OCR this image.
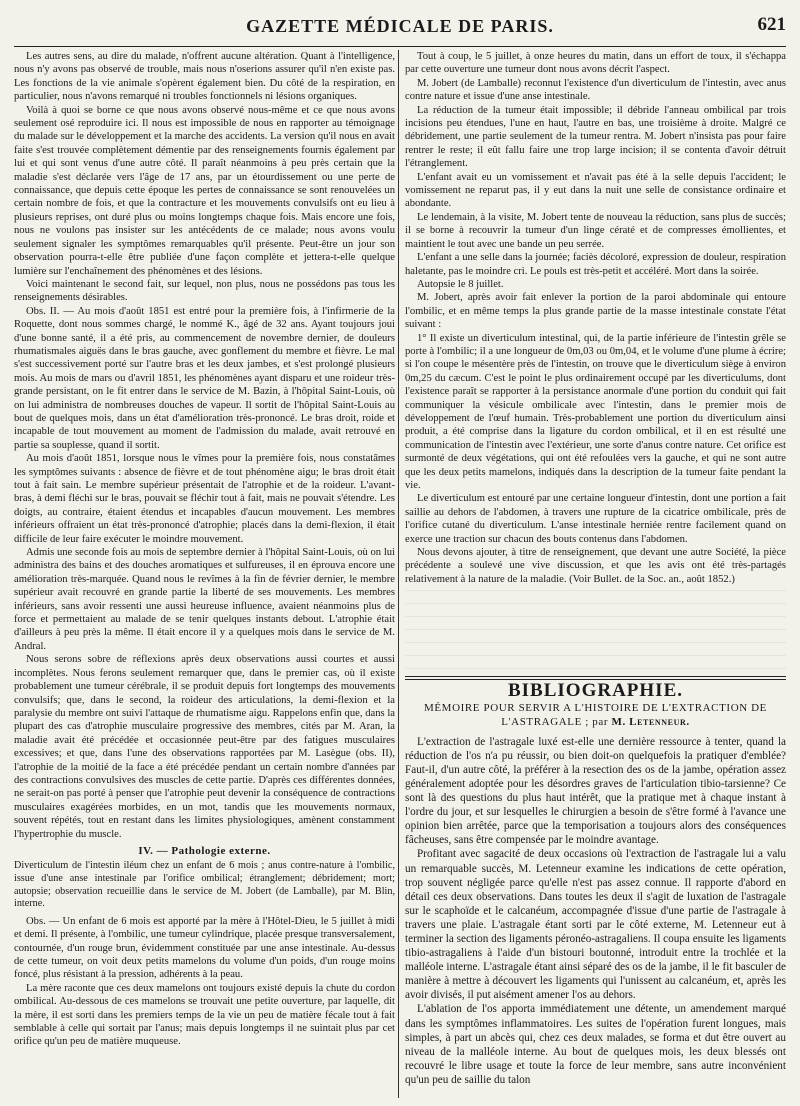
GAZETTE MÉDICALE DE PARIS.	621

Les autres sens, au dire du malade, n'offrent aucune altération. Quant à l'intelligence, nous n'y avons pas observé de trouble, mais nous n'oserions assurer qu'il n'en existe pas. Les fonctions de la vie animale s'opèrent également bien. Du côté de la respiration, en particulier, nous n'avons remarqué ni troubles fonctionnels ni lésions organiques.

Voilà à quoi se borne ce que nous avons observé nous-même et ce que nous avons seulement osé reproduire ici. Il nous est impossible de nous en rapporter au témoignage du malade sur le développement et la marche des accidents. La version qu'il nous en avait faite s'est trouvée complètement démentie par des renseignements fournis également par lui et qui sont venus d'une autre côté. Il paraît néanmoins à peu près certain que la maladie s'est déclarée vers l'âge de 17 ans, par un étourdissement ou une perte de connaissance, que depuis cette époque les pertes de connaissance se sont renouvelées un certain nombre de fois, et que la contracture et les mouvements convulsifs ont eu lieu à plusieurs reprises, ont duré plus ou moins longtemps chaque fois. Mais encore une fois, nous ne voulons pas insister sur les antécédents de ce malade; nous avons voulu seulement signaler les symptômes remarquables qu'il présente. Peut-être un jour son observation pourra-t-elle être publiée d'une façon complète et jettera-t-elle quelque lumière sur l'enchaînement des phénomènes et des lésions.

Voici maintenant le second fait, sur lequel, non plus, nous ne possédons pas tous les renseignements désirables.

Obs. II. — Au mois d'août 1851 est entré pour la première fois, à l'infirmerie de la Roquette, dont nous sommes chargé, le nommé K., âgé de 32 ans. Ayant toujours joui d'une bonne santé, il a été pris, au commencement de novembre dernier, de douleurs rhumatismales aiguës dans le bras gauche, avec gonflement du membre et fièvre. Le mal s'est successivement porté sur l'autre bras et les deux jambes, et s'est prolongé plusieurs mois. Au mois de mars ou d'avril 1851, les phénomènes ayant disparu et une roideur très-grande persistant, on le fit entrer dans le service de M. Bazin, à l'hôpital Saint-Louis, où on lui administra de nombreuses douches de vapeur. Il sortit de l'hôpital Saint-Louis au bout de quelques mois, dans un état d'amélioration très-prononcé. Le bras droit, roide et incapable de tout mouvement au moment de l'admission du malade, avait retrouvé en partie sa souplesse, quand il sortit.

Au mois d'août 1851, lorsque nous le vîmes pour la première fois, nous constatâmes les symptômes suivants : absence de fièvre et de tout phénomène aigu; le bras droit était tout à fait sain. Le membre supérieur présentait de l'atrophie et de la roideur. L'avant-bras, à demi fléchi sur le bras, pouvait se fléchir tout à fait, mais ne pouvait s'étendre. Les doigts, au contraire, étaient étendus et incapables d'aucun mouvement. Les membres inférieurs offraient un état très-prononcé d'atrophie; placés dans la demi-flexion, il était difficile de leur faire exécuter le moindre mouvement.

Admis une seconde fois au mois de septembre dernier à l'hôpital Saint-Louis, où on lui administra des bains et des douches aromatiques et sulfureuses, il en éprouva encore une amélioration très-marquée. Quand nous le revîmes à la fin de février dernier, le membre supérieur avait recouvré en grande partie la liberté de ses mouvements. Les membres inférieurs, sans avoir ressenti une aussi heureuse influence, avaient néanmoins plus de force et permettaient au malade de se tenir quelques instants debout. L'atrophie était d'ailleurs à peu près la même. Il était encore il y a quelques mois dans le service de M. Andral.

Nous serons sobre de réflexions après deux observations aussi courtes et aussi incomplètes. Nous ferons seulement remarquer que, dans le premier cas, où il existe probablement une tumeur cérébrale, il se produit depuis fort longtemps des mouvements convulsifs; que, dans le second, la roideur des articulations, la demi-flexion et la paralysie du membre ont suivi l'attaque de rhumatisme aigu. Rappelons enfin que, dans la plupart des cas d'atrophie musculaire progressive des membres, cités par M. Aran, la maladie avait été précédée et occasionnée peut-être par des fatigues musculaires excessives; et que, dans l'une des observations rapportées par M. Lasègue (obs. II), l'atrophie de la moitié de la face a été précédée pendant un certain nombre d'années par des contractions convulsives des muscles de cette partie. D'après ces différentes données, ne serait-on pas porté à penser que l'atrophie peut devenir la conséquence de contractions musculaires exagérées morbides, en un mot, tandis que les mouvements normaux, souvent répétés, tout en restant dans les limites physiologiques, amènent constamment l'hypertrophie du muscle.

IV. — Pathologie externe.
Diverticulum de l'intestin iléum chez un enfant de 6 mois ; anus contre-nature à l'ombilic, issue d'une anse intestinale par l'orifice ombilical; étranglement; débridement; mort; autopsie; observation recueillie dans le service de M. Jobert (de Lamballe), par M. Blin, interne.

Obs. — Un enfant de 6 mois est apporté par la mère à l'Hôtel-Dieu, le 5 juillet à midi et demi. Il présente, à l'ombilic, une tumeur cylindrique, placée presque transversalement, contournée, d'un rouge brun, évidemment constituée par une anse intestinale. Au-dessus de cette tumeur, on voit deux petits mamelons du volume d'un poids, d'un rouge moins foncé, plus résistant à la pression, adhérents à la peau.

La mère raconte que ces deux mamelons ont toujours existé depuis la chute du cordon ombilical. Au-dessous de ces mamelons se trouvait une petite ouverture, par laquelle, dit la mère, il est sorti dans les premiers temps de la vie un peu de matière fécale tout à fait semblable à celle qui sortait par l'anus; mais depuis longtemps il ne suintait plus par cet orifice qu'un peu de matière muqueuse.

Tout à coup, le 5 juillet, à onze heures du matin, dans un effort de toux, il s'échappa par cette ouverture une tumeur dont nous avons décrit l'aspect.

M. Jobert (de Lamballe) reconnut l'existence d'un diverticulum de l'intestin, avec anus contre nature et issue d'une anse intestinale.

La réduction de la tumeur était impossible; il débride l'anneau ombilical par trois incisions peu étendues, l'une en haut, l'autre en bas, une troisième à droite. Malgré ce débridement, une partie seulement de la tumeur rentra. M. Jobert n'insista pas pour faire rentrer le reste; il eût fallu faire une trop large incision; il se contenta d'avoir détruit l'étranglement.

L'enfant avait eu un vomissement et n'avait pas été à la selle depuis l'accident; le vomissement ne reparut pas, il y eut dans la nuit une selle de consistance ordinaire et abondante.

Le lendemain, à la visite, M. Jobert tente de nouveau la réduction, sans plus de succès; il se borne à recouvrir la tumeur d'un linge cératé et de compresses émollientes, et maintient le tout avec une bande un peu serrée.

L'enfant a une selle dans la journée; faciès décoloré, expression de douleur, respiration haletante, pas le moindre cri. Le pouls est très-petit et accéléré. Mort dans la soirée.

Autopsie le 8 juillet.

M. Jobert, après avoir fait enlever la portion de la paroi abdominale qui entoure l'ombilic, et en même temps la plus grande partie de la masse intestinale constate l'état suivant :

1° Il existe un diverticulum intestinal, qui, de la partie inférieure de l'intestin grêle se porte à l'ombilic; il a une longueur de 0m,03 ou 0m,04, et le volume d'une plume à écrire; si l'on coupe le mésentère près de l'intestin, on trouve que le diverticulum siège à environ 0m,25 du cæcum. C'est le point le plus ordinairement occupé par les diverticulums, dont l'existence paraît se rapporter à la persistance anormale d'une portion du conduit qui fait communiquer la vésicule ombilicale avec l'intestin, dans le premier mois de développement de l'œuf humain. Très-probablement une portion du diverticulum ainsi produit, a été comprise dans la ligature du cordon ombilical, et il en est résulté une communication de l'intestin avec l'extérieur, une sorte d'anus contre nature. Cet orifice est surmonté de deux végétations, qui ont été refoulées vers la gauche, et qui ne sont autre que les deux petits mamelons, indiqués dans la description de la tumeur faite pendant la vie.

Le diverticulum est entouré par une certaine longueur d'intestin, dont une portion a fait saillie au dehors de l'abdomen, à travers une rupture de la cicatrice ombilicale, près de l'orifice cutané du diverticulum. L'anse intestinale herniée rentre facilement quand on exerce une traction sur chacun des bouts contenus dans l'abdomen.

Nous devons ajouter, à titre de renseignement, que devant une autre Société, la pièce précédente a soulevé une vive discussion, et que les avis ont été très-partagés relativement à la nature de la maladie. (Voir Bullet. de la Soc. an., août 1852.)

BIBLIOGRAPHIE.
MÉMOIRE POUR SERVIR A L'HISTOIRE DE L'EXTRACTION DE
L'ASTRAGALE ; par M. Letenneur.

L'extraction de l'astragale luxé est-elle une dernière ressource à tenter, quand la réduction de l'os n'a pu réussir, ou bien doit-on quelquefois la pratiquer d'emblée? Faut-il, d'un autre côté, la préférer à la resection des os de la jambe, opération assez généralement adoptée pour les désordres graves de l'articulation tibio-tarsienne? Ce sont là des questions du plus haut intérêt, que la pratique met à chaque instant à l'ordre du jour, et sur lesquelles le chirurgien a besoin de s'être formé à l'avance une opinion bien arrêtée, parce que la temporisation a toujours alors des conséquences fâcheuses, sans être compensée par le moindre avantage.

Profitant avec sagacité de deux occasions où l'extraction de l'astragale lui a valu un remarquable succès, M. Letenneur examine les indications de cette opération, trop souvent négligée parce qu'elle n'est pas assez connue. Il rapporte d'abord en détail ces deux observations. Dans toutes les deux il s'agit de luxation de l'astragale sur le scaphoïde et le calcanéum, accompagnée d'issue d'une partie de l'astragale à travers une plaie. L'astragale étant sorti par le côté externe, M. Letenneur eut à terminer la section des ligaments péronéo-astragaliens. Il coupa ensuite les ligaments tibio-astragaliens à l'aide d'un bistouri boutonné, introduit entre la trochlée et la malléole interne. L'astragale étant ainsi séparé des os de la jambe, il le fit basculer de manière à mettre à découvert les ligaments qui l'unissent au calcanéum, et, après les avoir divisés, il put aisément amener l'os au dehors.

L'ablation de l'os apporta immédiatement une détente, un amendement marqué dans les symptômes inflammatoires. Les suites de l'opération furent longues, mais simples, à part un abcès qui, chez ces deux malades, se forma et dut être ouvert au niveau de la malléole interne. Au bout de quelques mois, les deux blessés ont recouvré le libre usage et toute la force de leur membre, sans autre inconvénient qu'un peu de saillie du talon
